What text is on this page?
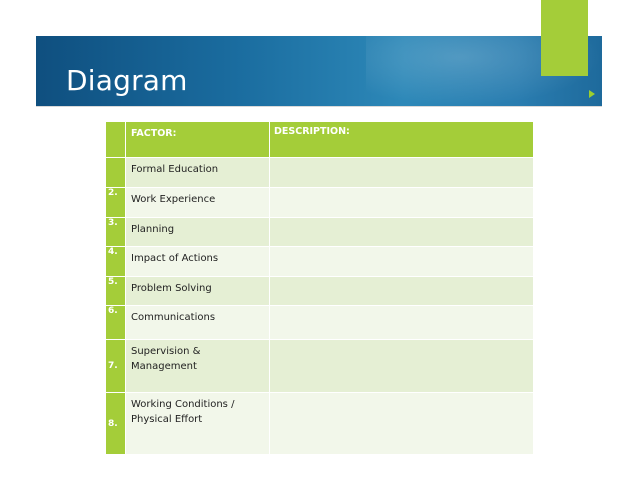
Diagram
	FACTOR:	DESCRIPTION:
	Formal Education	
2.	Work Experience	
3.	Planning	
4.	Impact of Actions	
5.	Problem Solving	
6.	Communications	
7.	Supervision & Management	
8.	Working Conditions / Physical Effort	
